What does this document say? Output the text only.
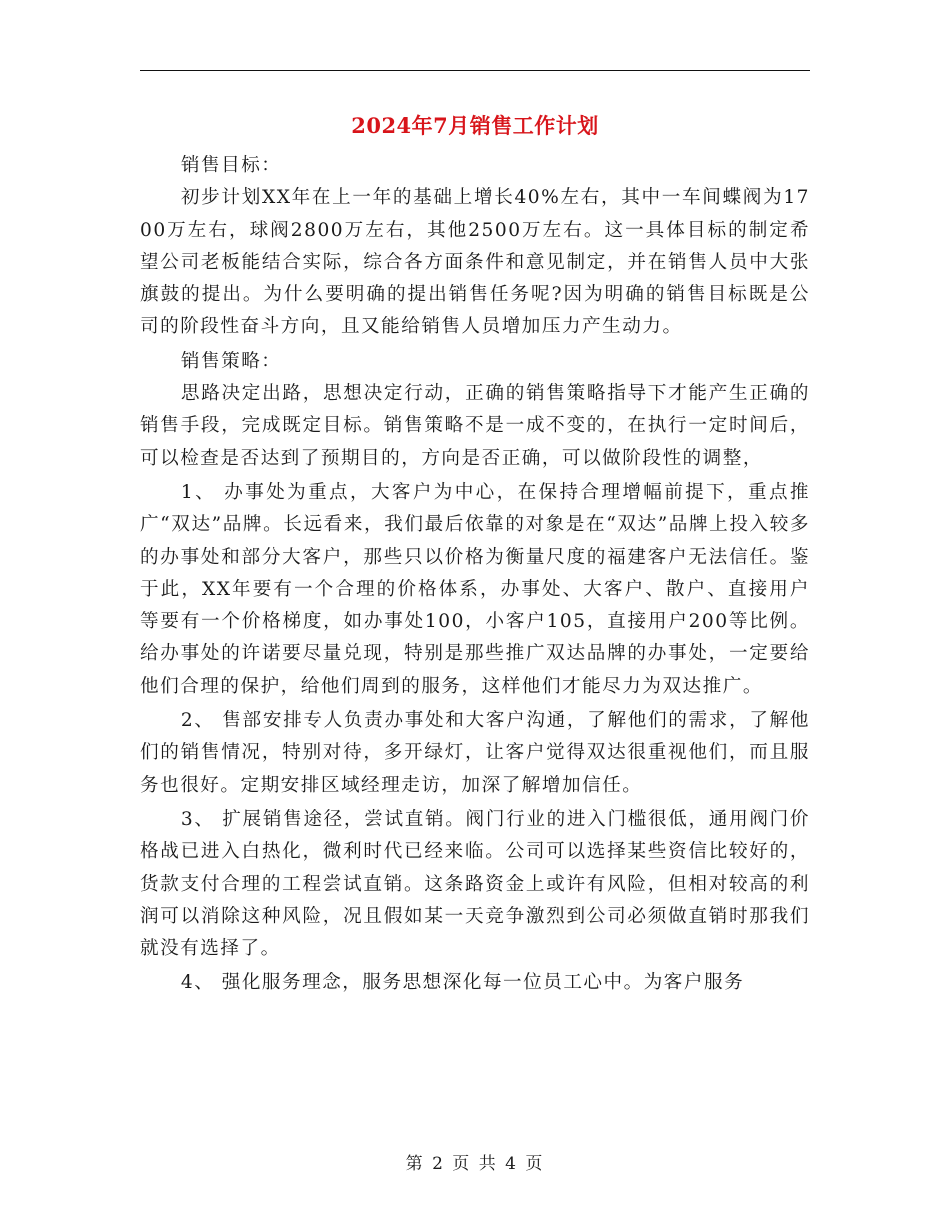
2024年7月销售工作计划

销售目标：

初步计划XX年在上一年的基础上增长40%左右，其中一车间蝶阀为1700万左右，球阀2800万左右，其他2500万左右。这一具体目标的制定希望公司老板能结合实际，综合各方面条件和意见制定，并在销售人员中大张旗鼓的提出。为什么要明确的提出销售任务呢?因为明确的销售目标既是公司的阶段性奋斗方向，且又能给销售人员增加压力产生动力。

销售策略：

思路决定出路，思想决定行动，正确的销售策略指导下才能产生正确的销售手段，完成既定目标。销售策略不是一成不变的，在执行一定时间后，可以检查是否达到了预期目的，方向是否正确，可以做阶段性的调整，

1、 办事处为重点，大客户为中心，在保持合理增幅前提下，重点推广“双达”品牌。长远看来，我们最后依靠的对象是在“双达”品牌上投入较多的办事处和部分大客户，那些只以价格为衡量尺度的福建客户无法信任。鉴于此，XX年要有一个合理的价格体系，办事处、大客户、散户、直接用户等要有一个价格梯度，如办事处100，小客户105，直接用户200等比例。给办事处的许诺要尽量兑现，特别是那些推广双达品牌的办事处，一定要给他们合理的保护，给他们周到的服务，这样他们才能尽力为双达推广。

2、 售部安排专人负责办事处和大客户沟通，了解他们的需求，了解他们的销售情况，特别对待，多开绿灯，让客户觉得双达很重视他们，而且服务也很好。定期安排区域经理走访，加深了解增加信任。

3、 扩展销售途径，尝试直销。阀门行业的进入门槛很低，通用阀门价格战已进入白热化，微利时代已经来临。公司可以选择某些资信比较好的，货款支付合理的工程尝试直销。这条路资金上或许有风险，但相对较高的利润可以消除这种风险，况且假如某一天竞争激烈到公司必须做直销时那我们就没有选择了。

4、 强化服务理念，服务思想深化每一位员工心中。为客户服务

第 2 页 共 4 页
